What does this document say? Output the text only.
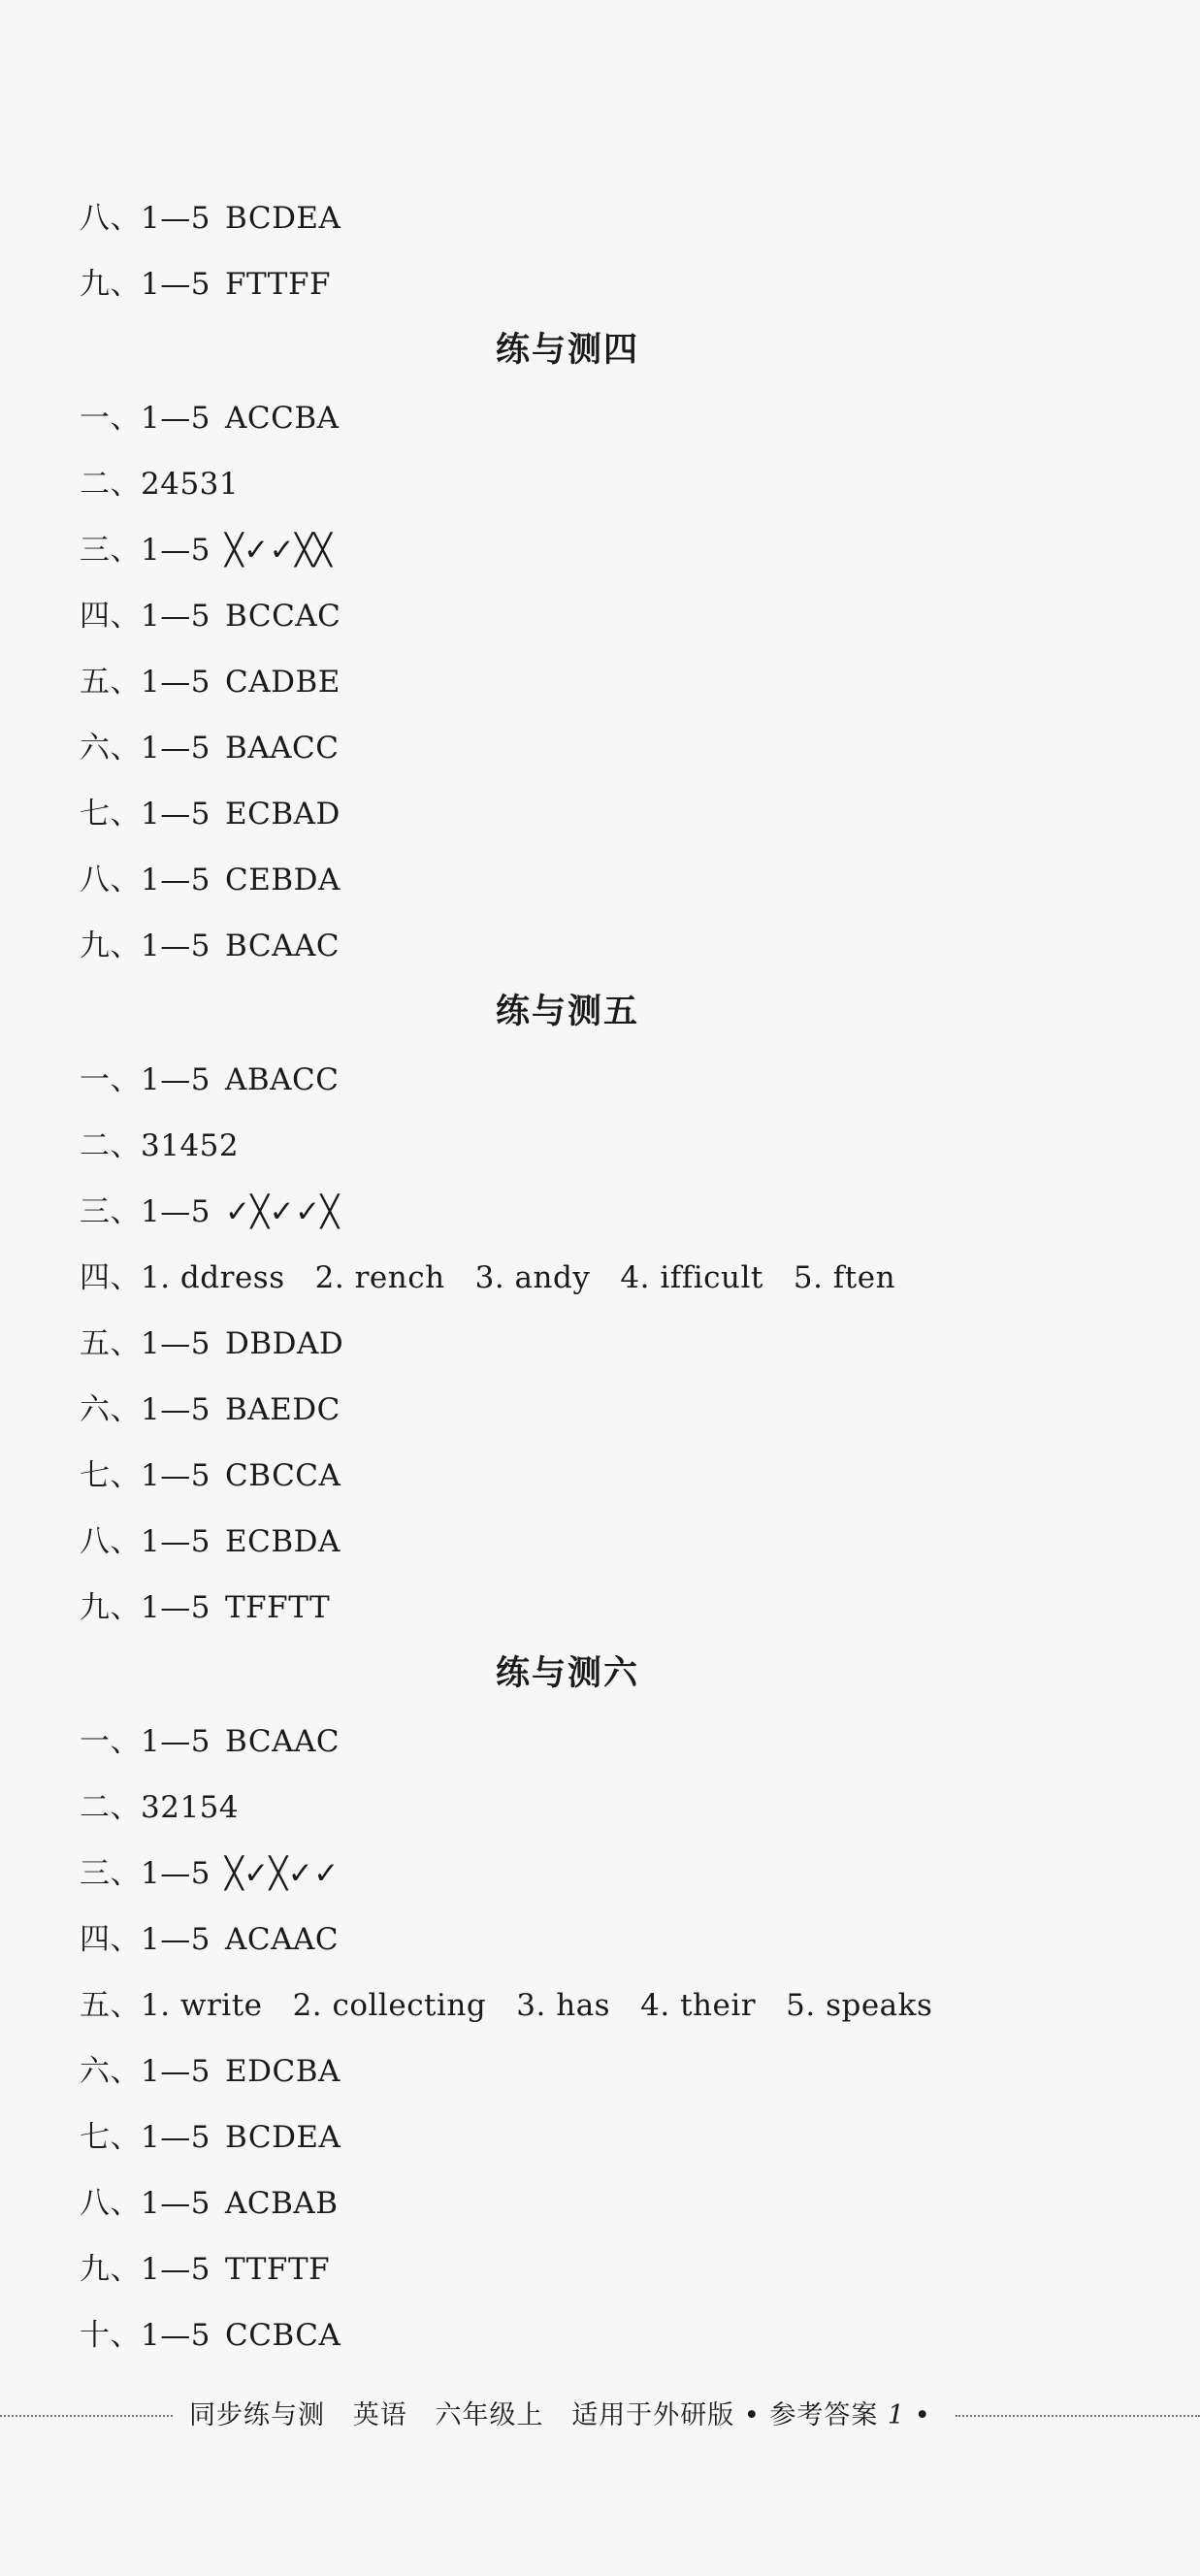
八、1—5 BCDEA
九、1—5 FTTFF
练与测四
一、1—5 ACCBA
二、24531
三、1—5 ╳✓✓╳╳
四、1—5 BCCAC
五、1—5 CADBE
六、1—5 BAACC
七、1—5 ECBAD
八、1—5 CEBDA
九、1—5 BCAAC
练与测五
一、1—5 ABACC
二、31452
三、1—5 ✓╳✓✓╳
四、1. ddress   2. rench   3. andy   4. ifficult   5. ften
五、1—5 DBDAD
六、1—5 BAEDC
七、1—5 CBCCA
八、1—5 ECBDA
九、1—5 TFFTT
练与测六
一、1—5 BCAAC
二、32154
三、1—5 ╳✓╳✓✓
四、1—5 ACAAC
五、1. write   2. collecting   3. has   4. their   5. speaks
六、1—5 EDCBA
七、1—5 BCDEA
八、1—5 ACBAB
九、1—5 TTFTF
十、1—5 CCBCA
同步练与测   英语   六年级上   适用于外研版 • 参考答案 1 •
